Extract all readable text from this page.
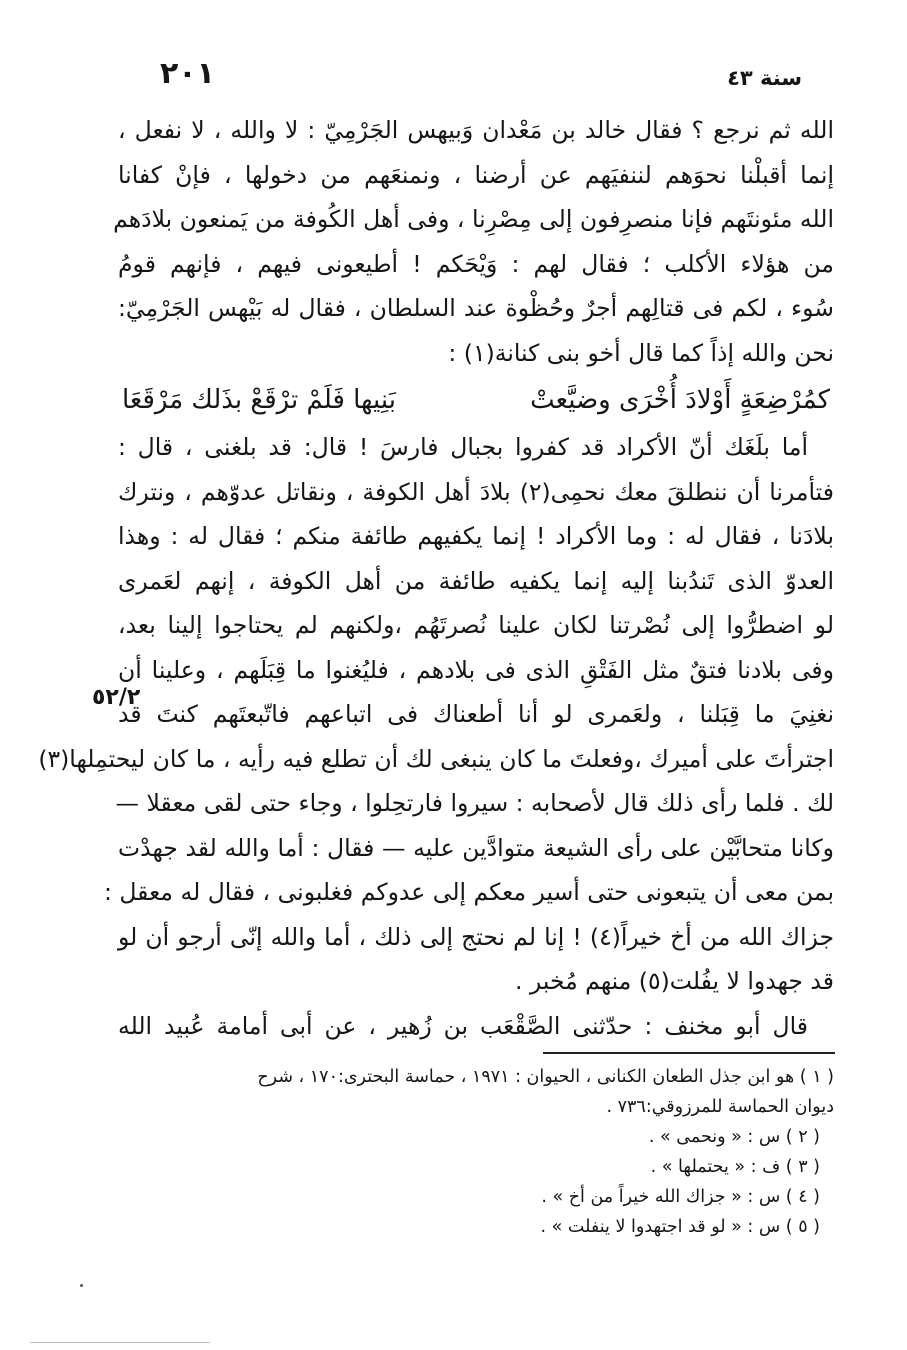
٢٠١	سنة ٤٣
الله ثم نرجع ؟ فقال خالد بن مَعْدان وَبيهس الجَرْمِيّ : لا والله ، لا نفعل ،
إنما أقبلْنا نحوَهم لننفيَهم عن أرضنا ، ونمنعَهم من دخولها ، فإنْ كفانا
الله مئونتَهم فإنا منصرِفون إلى مِصْرِنا ، وفى أهل الكُوفة من يَمنعون بلادَهم
من هؤلاء الأكلب ؛ فقال لهم : وَيْحَكم ! أطيعونى فيهم ، فإنهم قومُ
سُوء ، لكم فى قتالِهم أجرٌ وحُظْوة عند السلطان ، فقال له بَيْهس الجَرْمِيّ:
نحن والله إذاً كما قال أخو بنى كنانة(١) :
كمُرْضِعَةٍ أَوْلادَ أُخْرَى وضيَّعتْ
بَنِيها فَلَمْ ترْقَعْ بذَلك مَرْقَعَا
أما بلَغَك أنّ الأكراد قد كفروا بجبال فارسَ ! قال: قد بلغنى ، قال :
فتأمرنا أن ننطلقَ معك نحمِى(٢) بلادَ أهل الكوفة ، ونقاتل عدوّهم ، ونترك
بلادَنا ، فقال له : وما الأكراد ! إنما يكفيهم طائفة منكم ؛ فقال له : وهذا
العدوّ الذى تَندُبنا إليه إنما يكفيه طائفة من أهل الكوفة ، إنهم لعَمرى
لو اضطرُّوا إلى نُصْرتنا لكان علينا نُصرتَهُم ،ولكنهم لم يحتاجوا إلينا بعد،
وفى بلادنا فتقٌ مثل الفَتْقِ الذى فى بلادهم ، فليُغنوا ما قِبَلَهم ، وعلينا أن
نغنِيَ ما قِبَلنا ، ولعَمرى لو أنا أطعناك فى اتباعهم فاتّبعتَهم كنتَ قد
اجترأتَ على أميرك ،وفعلتَ ما كان ينبغى لك أن تطلع فيه رأيه ، ما كان ليحتمِلها(٣)
لك . فلما رأى ذلك قال لأصحابه : سيروا فارتحِلوا ، وجاء حتى لقى معقلا —
وكانا متحابَّيْن على رأى الشيعة متوادَّين عليه — فقال : أما والله لقد جهدْت
بمن معى أن يتبعونى حتى أسير معكم إلى عدوكم فغلبونى ، فقال له معقل :
جزاك الله من أخ خيراً(٤) ! إنا لم نحتج إلى ذلك ، أما والله إنّى أرجو أن لو
قد جهدوا لا يفُلت(٥) منهم مُخبر .
قال أبو مخنف : حدّثنى الصَّقْعَب بن زُهير ، عن أبى أمامة عُبيد الله
٥٢/٢
( ١ ) هو ابن جذل الطعان الكنانى ، الحيوان : ١٩٧١ ، حماسة البحترى:١٧٠ ، شرح
ديوان الحماسة للمرزوقي:٧٣٦ .
( ٢ ) س : « ونحمى » .
( ٣ ) ف : « يحتملها » .
( ٤ ) س : « جزاك الله خيراً من أخ » .
( ٥ ) س : « لو قد اجتهدوا لا ينفلت » .
